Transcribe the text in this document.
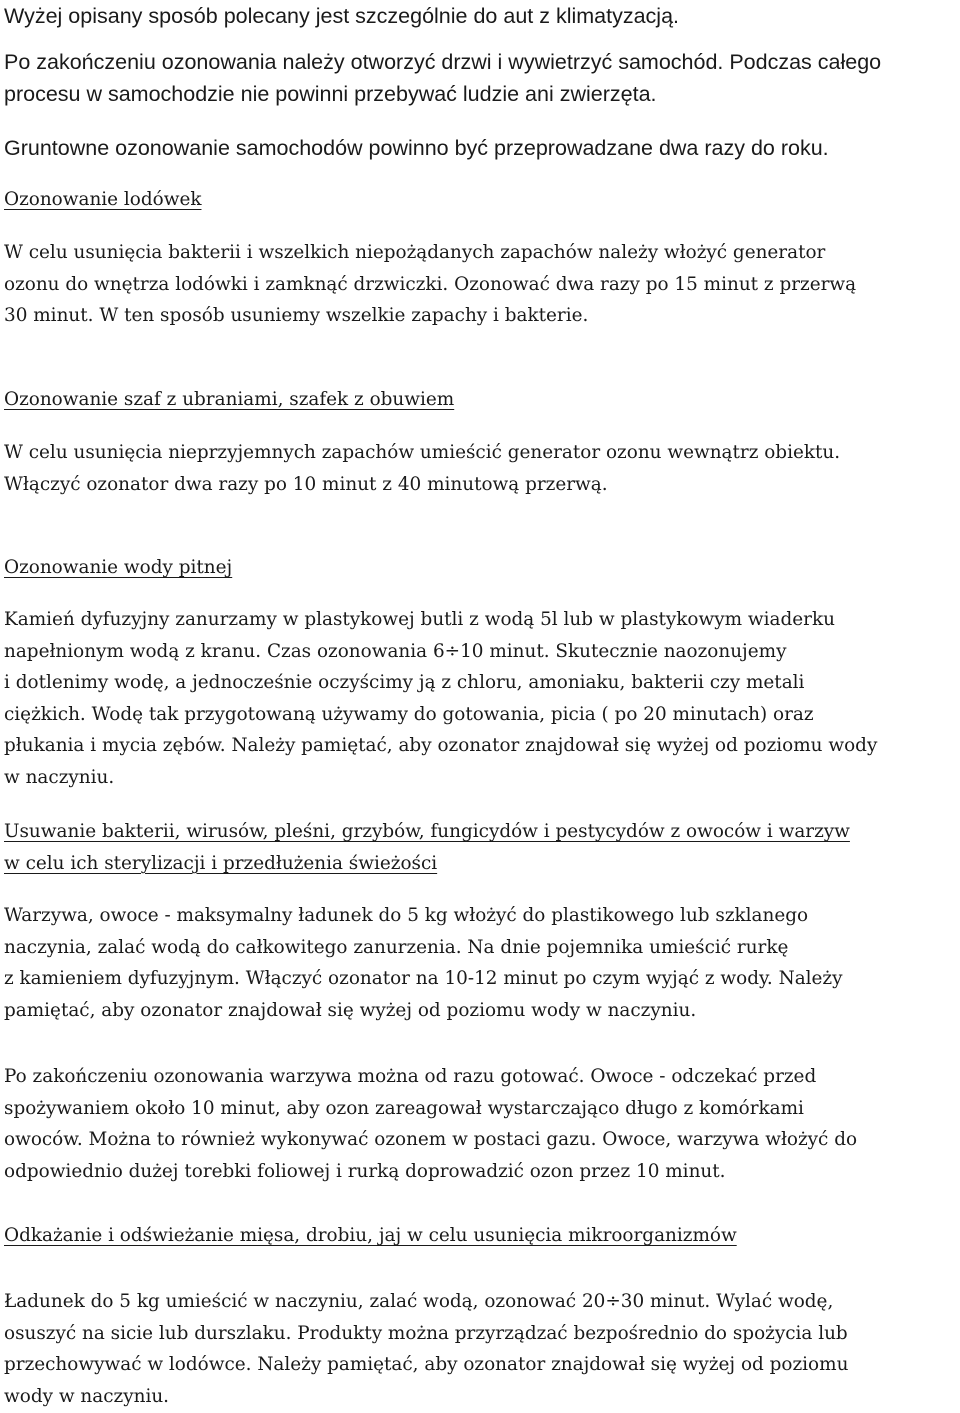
Wyżej opisany sposób polecany jest szczególnie do aut z klimatyzacją.

Po zakończeniu ozonowania należy otworzyć drzwi i wywietrzyć samochód. Podczas całego
procesu w samochodzie nie powinni przebywać ludzie ani zwierzęta.

Gruntowne ozonowanie samochodów powinno być przeprowadzane dwa razy do roku.

Ozonowanie lodówek

W celu usunięcia bakterii i wszelkich niepożądanych zapachów należy włożyć generator
ozonu do wnętrza lodówki i zamknąć drzwiczki. Ozonować dwa razy po 15 minut z przerwą
30 minut. W ten sposób usuniemy wszelkie zapachy i bakterie.

Ozonowanie szaf z ubraniami, szafek z obuwiem

W celu usunięcia nieprzyjemnych zapachów umieścić generator ozonu wewnątrz obiektu.
Włączyć ozonator dwa razy po 10 minut z 40 minutową przerwą.

Ozonowanie wody pitnej

Kamień dyfuzyjny zanurzamy w plastykowej butli z wodą 5l lub w plastykowym wiaderku
napełnionym wodą z kranu. Czas ozonowania 6÷10 minut. Skutecznie naozonujemy
i dotlenimy wodę, a jednocześnie oczyścimy ją z chloru, amoniaku, bakterii czy metali
ciężkich. Wodę tak przygotowaną używamy do gotowania, picia ( po 20 minutach) oraz
płukania i mycia zębów. Należy pamiętać, aby ozonator znajdował się wyżej od poziomu wody
w naczyniu.

Usuwanie bakterii, wirusów, pleśni, grzybów, fungicydów i pestycydów z owoców i warzyw
w celu ich sterylizacji i przedłużenia świeżości

Warzywa, owoce - maksymalny ładunek do 5 kg włożyć do plastikowego lub szklanego
naczynia, zalać wodą do całkowitego zanurzenia. Na dnie pojemnika umieścić rurkę
z kamieniem dyfuzyjnym. Włączyć ozonator na 10-12 minut po czym wyjąć z wody. Należy
pamiętać, aby ozonator znajdował się wyżej od poziomu wody w naczyniu.

Po zakończeniu ozonowania warzywa można od razu gotować. Owoce - odczekać przed
spożywaniem około 10 minut, aby ozon zareagował wystarczająco długo z komórkami
owoców. Można to również wykonywać ozonem w postaci gazu. Owoce, warzywa włożyć do
odpowiednio dużej torebki foliowej i rurką doprowadzić ozon przez 10 minut.

Odkażanie i odświeżanie mięsa, drobiu, jaj w celu usunięcia mikroorganizmów

Ładunek do 5 kg umieścić w naczyniu, zalać wodą, ozonować 20÷30 minut. Wylać wodę,
osuszyć na sicie lub durszlaku. Produkty można przyrządzać bezpośrednio do spożycia lub
przechowywać w lodówce. Należy pamiętać, aby ozonator znajdował się wyżej od poziomu
wody w naczyniu.
